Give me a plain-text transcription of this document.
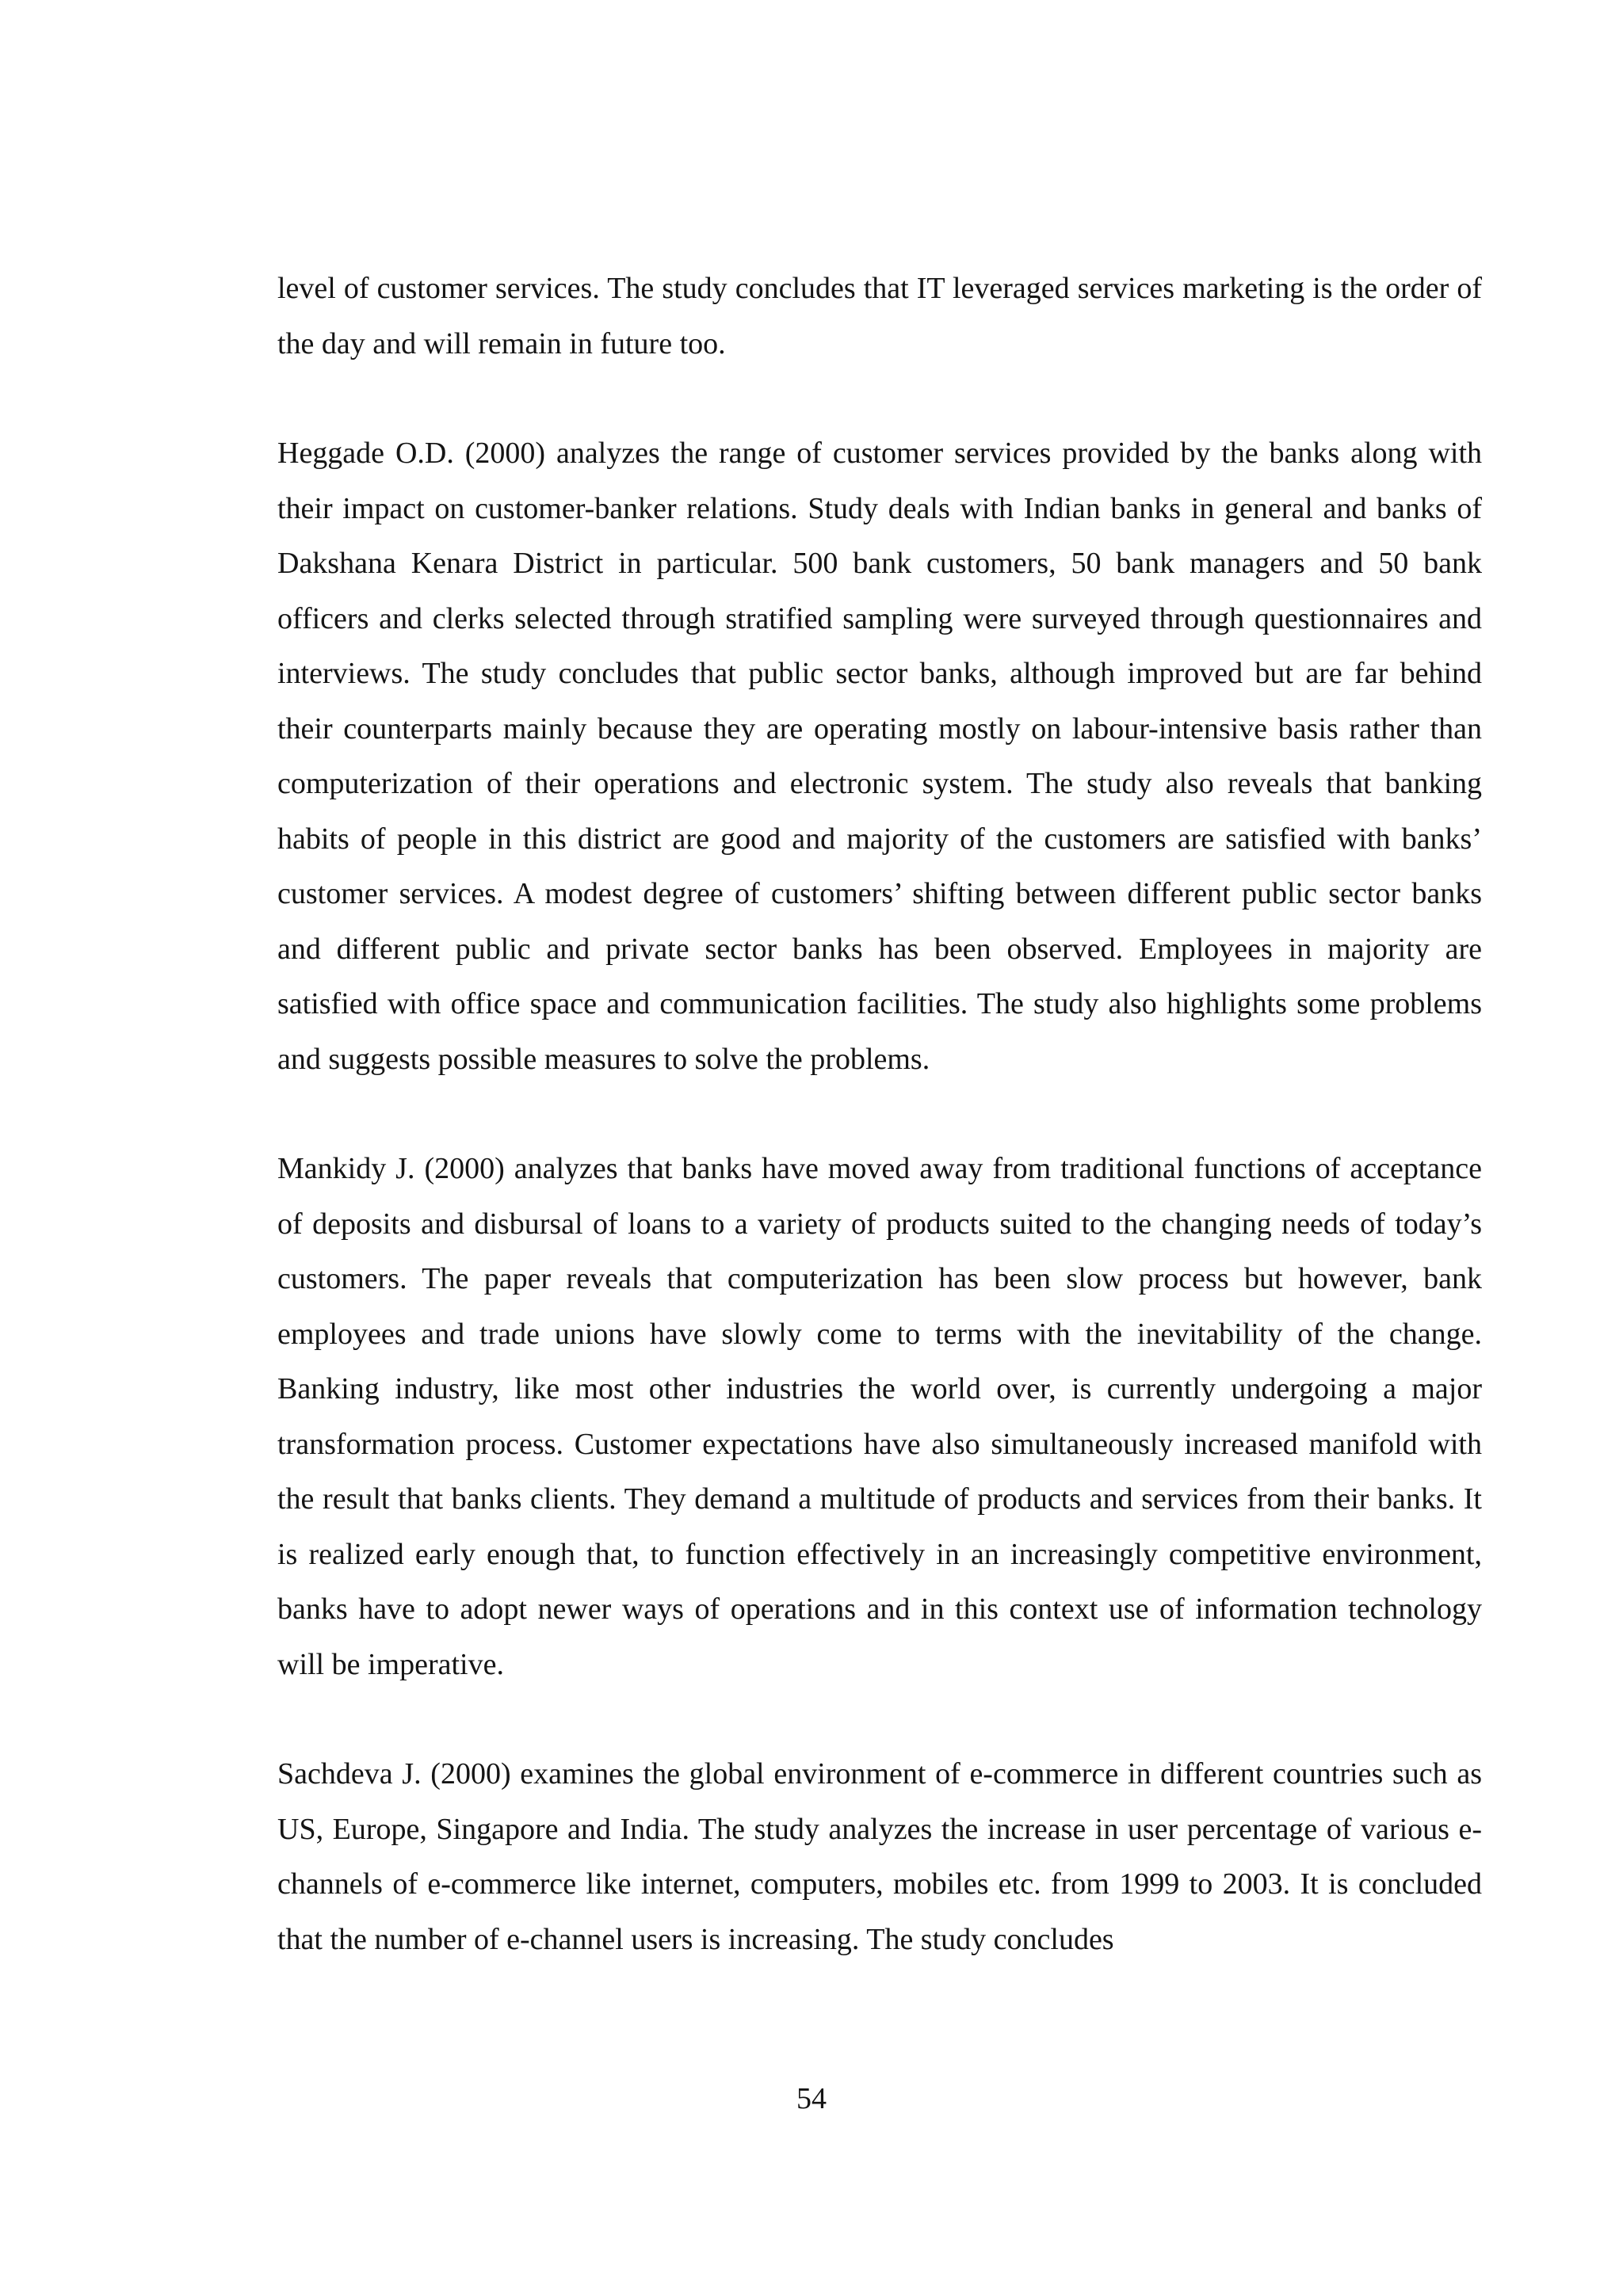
level of customer services. The study concludes that IT leveraged services marketing is the order of the day and will remain in future too.

Heggade O.D. (2000) analyzes the range of customer services provided by the banks along with their impact on customer-banker relations. Study deals with Indian banks in general and banks of Dakshana Kenara District in particular. 500 bank customers, 50 bank managers and 50 bank officers and clerks selected through stratified sampling were surveyed through questionnaires and interviews. The study concludes that public sector banks, although improved but are far behind their counterparts mainly because they are operating mostly on labour-intensive basis rather than computerization of their operations and electronic system. The study also reveals that banking habits of people in this district are good and majority of the customers are satisfied with banks’ customer services. A modest degree of customers’ shifting between different public sector banks and different public and private sector banks has been observed. Employees in majority are satisfied with office space and communication facilities. The study also highlights some problems and suggests possible measures to solve the problems.

Mankidy J. (2000) analyzes that banks have moved away from traditional functions of acceptance of deposits and disbursal of loans to a variety of products suited to the changing needs of today’s customers. The paper reveals that computerization has been slow process but however, bank employees and trade unions have slowly come to terms with the inevitability of the change. Banking industry, like most other industries the world over, is currently undergoing a major transformation process. Customer expectations have also simultaneously increased manifold with the result that banks clients. They demand a multitude of products and services from their banks. It is realized early enough that, to function effectively in an increasingly competitive environment, banks have to adopt newer ways of operations and in this context use of information technology will be imperative.

Sachdeva J. (2000) examines the global environment of e-commerce in different countries such as US, Europe, Singapore and India. The study analyzes the increase in user percentage of various e-channels of e-commerce like internet, computers, mobiles etc. from 1999 to 2003. It is concluded that the number of e-channel users is increasing. The study concludes

54
